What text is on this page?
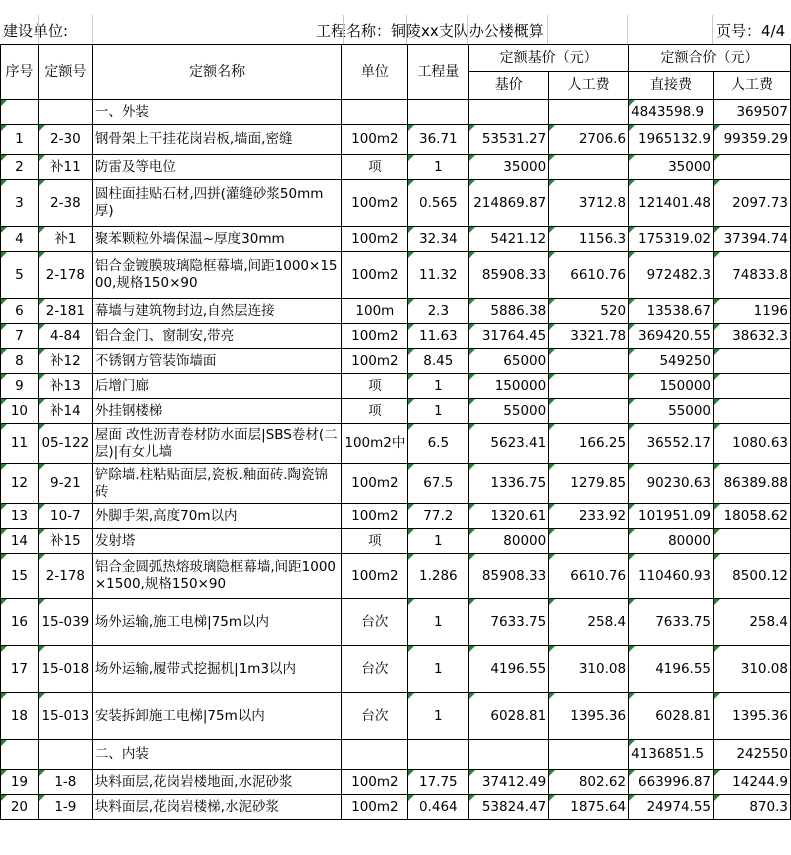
建设单位:	工程名称：铜陵xx支队办公楼概算	页号：4/4
序号	定额号	定额名称	单位	工程量	定额基价（元）		定额合价（元）	
					基价	人工费	直接费	人工费
		一、外装					4843598.9	369507
1	2-30	钢骨架上干挂花岗岩板,墙面,密缝	100m2	36.71	53531.27	2706.6	1965132.9	99359.29
2	补11	防雷及等电位	项	1	35000		35000	
3	2-38	圆柱面挂贴石材,四拼(灌缝砂浆50mm厚)	100m2	0.565	214869.87	3712.8	121401.48	2097.73
4	补1	聚苯颗粒外墙保温~厚度30mm	100m2	32.34	5421.12	1156.3	175319.02	37394.74
5	2-178	铝合金镀膜玻璃隐框幕墙,间距1000×1500,规格150×90	100m2	11.32	85908.33	6610.76	972482.3	74833.8
6	2-181	幕墙与建筑物封边,自然层连接	100m	2.3	5886.38	520	13538.67	1196
7	4-84	铝合金门、窗制安,带亮	100m2	11.63	31764.45	3321.78	369420.55	38632.3
8	补12	不锈钢方管装饰墙面	100m2	8.45	65000		549250	
9	补13	后增门廊	项	1	150000		150000	
10	补14	外挂钢楼梯	项	1	55000		55000	
11	05-122	屋面 改性沥青卷材防水面层|SBS卷材(二层)|有女儿墙	100m2中	6.5	5623.41	166.25	36552.17	1080.63
12	9-21	铲除墙.柱粘贴面层,瓷板.釉面砖.陶瓷锦砖	100m2	67.5	1336.75	1279.85	90230.63	86389.88
13	10-7	外脚手架,高度70m以内	100m2	77.2	1320.61	233.92	101951.09	18058.62
14	补15	发射塔	项	1	80000		80000	
15	2-178	铝合金圆弧热熔玻璃隐框幕墙,间距1000×1500,规格150×90	100m2	1.286	85908.33	6610.76	110460.93	8500.12
16	15-039	场外运输,施工电梯|75m以内	台次	1	7633.75	258.4	7633.75	258.4
17	15-018	场外运输,履带式挖掘机|1m3以内	台次	1	4196.55	310.08	4196.55	310.08
18	15-013	安装拆卸施工电梯|75m以内	台次	1	6028.81	1395.36	6028.81	1395.36
		二、内装					4136851.5	242550
19	1-8	块料面层,花岗岩楼地面,水泥砂浆	100m2	17.75	37412.49	802.62	663996.87	14244.9
20	1-9	块料面层,花岗岩楼梯,水泥砂浆	100m2	0.464	53824.47	1875.64	24974.55	870.3
